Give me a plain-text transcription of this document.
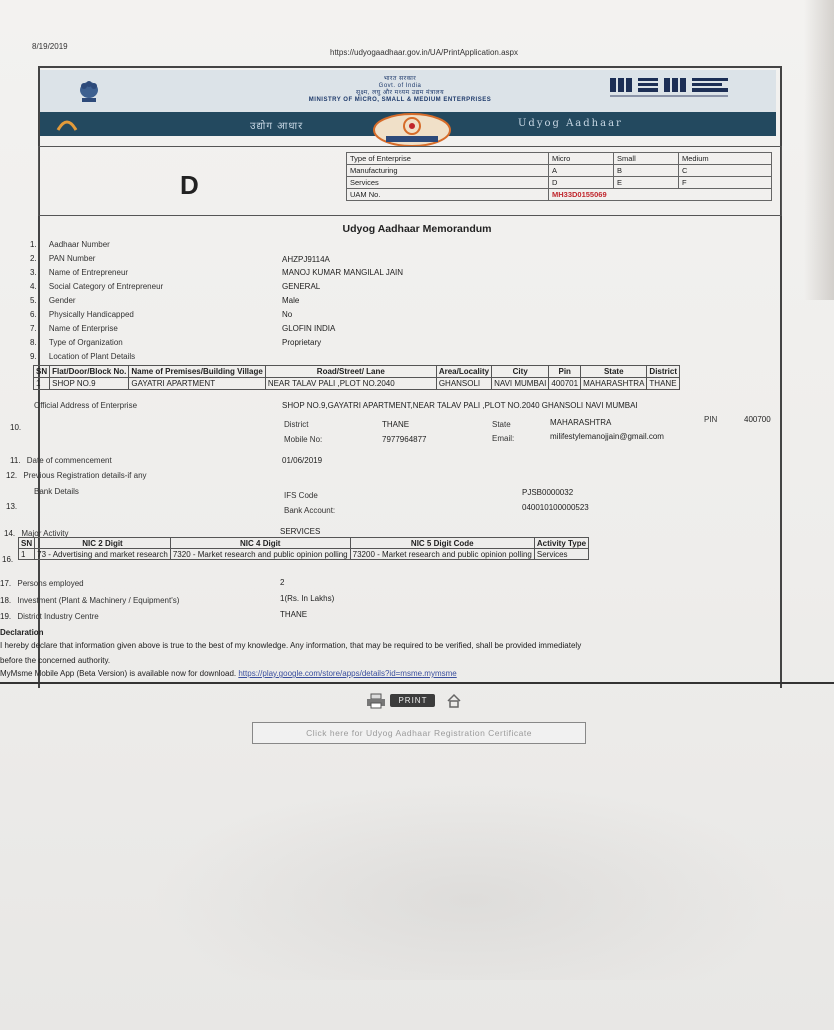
8/19/2019
https://udyogaadhaar.gov.in/UA/PrintApplication.aspx
भारत सरकार
Govt. of India
सूक्ष्म, लघु और मध्यम उद्यम मंत्रालय
MINISTRY OF MICRO, SMALL & MEDIUM ENTERPRISES
उद्योग आधार	Udyog Aadhaar
D
Type of Enterprise	Micro	Small	Medium
Manufacturing	A	B	C
Services	D	E	F
UAM No.	MH33D0155069		
Udyog Aadhaar Memorandum
1. Aadhaar Number
2. PAN Number	AHZPJ9114A
3. Name of Entrepreneur	MANOJ KUMAR MANGILAL JAIN
4. Social Category of Entrepreneur	GENERAL
5. Gender	Male
6. Physically Handicapped	No
7. Name of Enterprise	GLOFIN INDIA
8. Type of Organization	Proprietary
9. Location of Plant Details
SN	Flat/Door/Block No.	Name of Premises/Building Village	Road/Street/ Lane	Area/Locality	City	Pin	State	District
1	SHOP NO.9	GAYATRI APARTMENT	NEAR TALAV PALI ,PLOT NO.2040	GHANSOLI	NAVI MUMBAI	400701	MAHARASHTRA	THANE
Official Address of Enterprise
10.
SHOP NO.9,GAYATRI APARTMENT,NEAR TALAV PALI ,PLOT NO.2040 GHANSOLI NAVI MUMBAI
District	THANE	State	MAHARASHTRA	PIN	400700
Mobile No:	7977964877	Email:	milifestylemanojjain@gmail.com
11. Date of commencement	01/06/2019
12. Previous Registration details-if any
Bank Details
13.
IFS Code	PJSB0000032
Bank Account:	040010100000523
14. Major Activity	SERVICES
16.
SN	NIC 2 Digit	NIC 4 Digit	NIC 5 Digit Code	Activity Type
1	73 - Advertising and market research	7320 - Market research and public opinion polling	73200 - Market research and public opinion polling	Services
17. Persons employed	2
18. Investment (Plant & Machinery / Equipment's)	1(Rs. In Lakhs)
19. District Industry Centre	THANE
Declaration
I hereby declare that information given above is true to the best of my knowledge. Any information, that may be required to be verified, shall be provided immediately
before the concerned authority.
MyMsme Mobile App (Beta Version) is available now for download. https://play.google.com/store/apps/details?id=msme.mymsme
PRINT
Click here for Udyog Aadhaar Registration Certificate
